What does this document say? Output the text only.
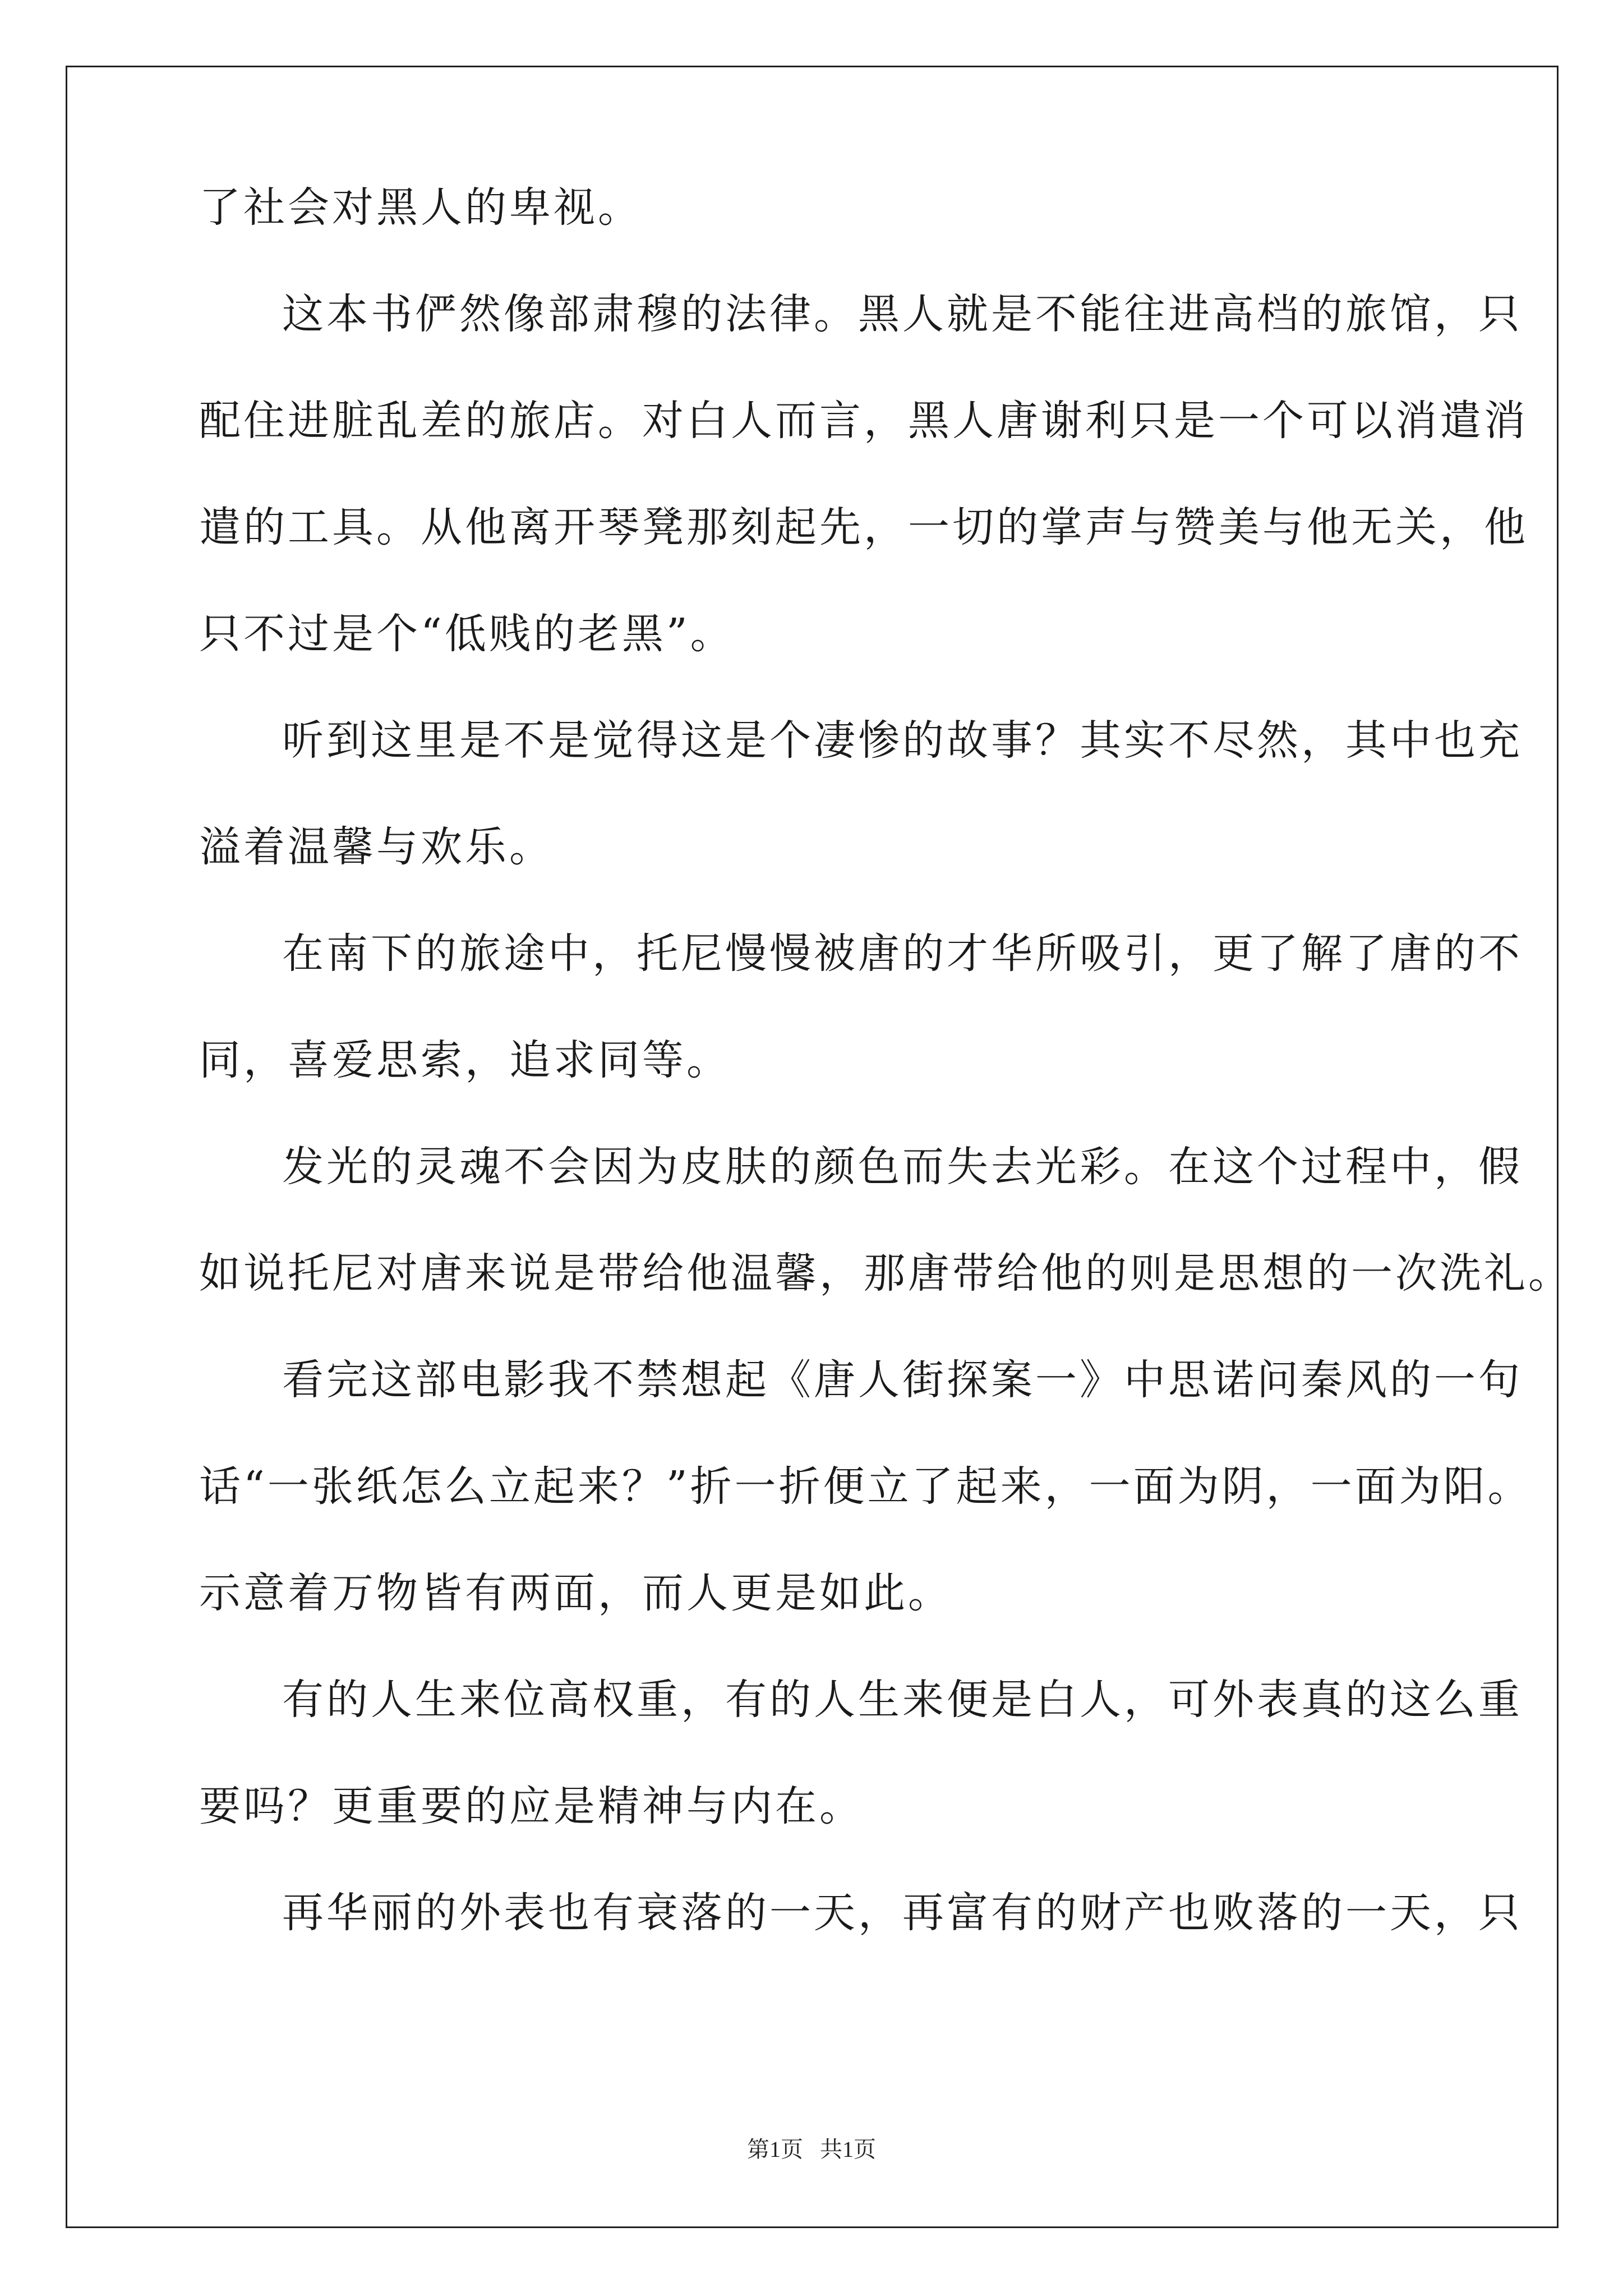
了社会对黑人的卑视。
这本书俨然像部肃穆的法律。黑人就是不能往进高档的旅馆，只
配住进脏乱差的旅店。对白人而言，黑人唐谢利只是一个可以消遣消
遣的工具。从他离开琴凳那刻起先，一切的掌声与赞美与他无关，他
只不过是个“低贱的老黑”。
听到这里是不是觉得这是个凄惨的故事？其实不尽然，其中也充
溢着温馨与欢乐。
在南下的旅途中，托尼慢慢被唐的才华所吸引，更了解了唐的不
同，喜爱思索，追求同等。
发光的灵魂不会因为皮肤的颜色而失去光彩。在这个过程中，假
如说托尼对唐来说是带给他温馨，那唐带给他的则是思想的一次洗礼。
看完这部电影我不禁想起《唐人街探案一》中思诺问秦风的一句
话“一张纸怎么立起来？”折一折便立了起来，一面为阴，一面为阳。
示意着万物皆有两面，而人更是如此。
有的人生来位高权重，有的人生来便是白人，可外表真的这么重
要吗？更重要的应是精神与内在。
再华丽的外表也有衰落的一天，再富有的财产也败落的一天，只
第1页   共1页
